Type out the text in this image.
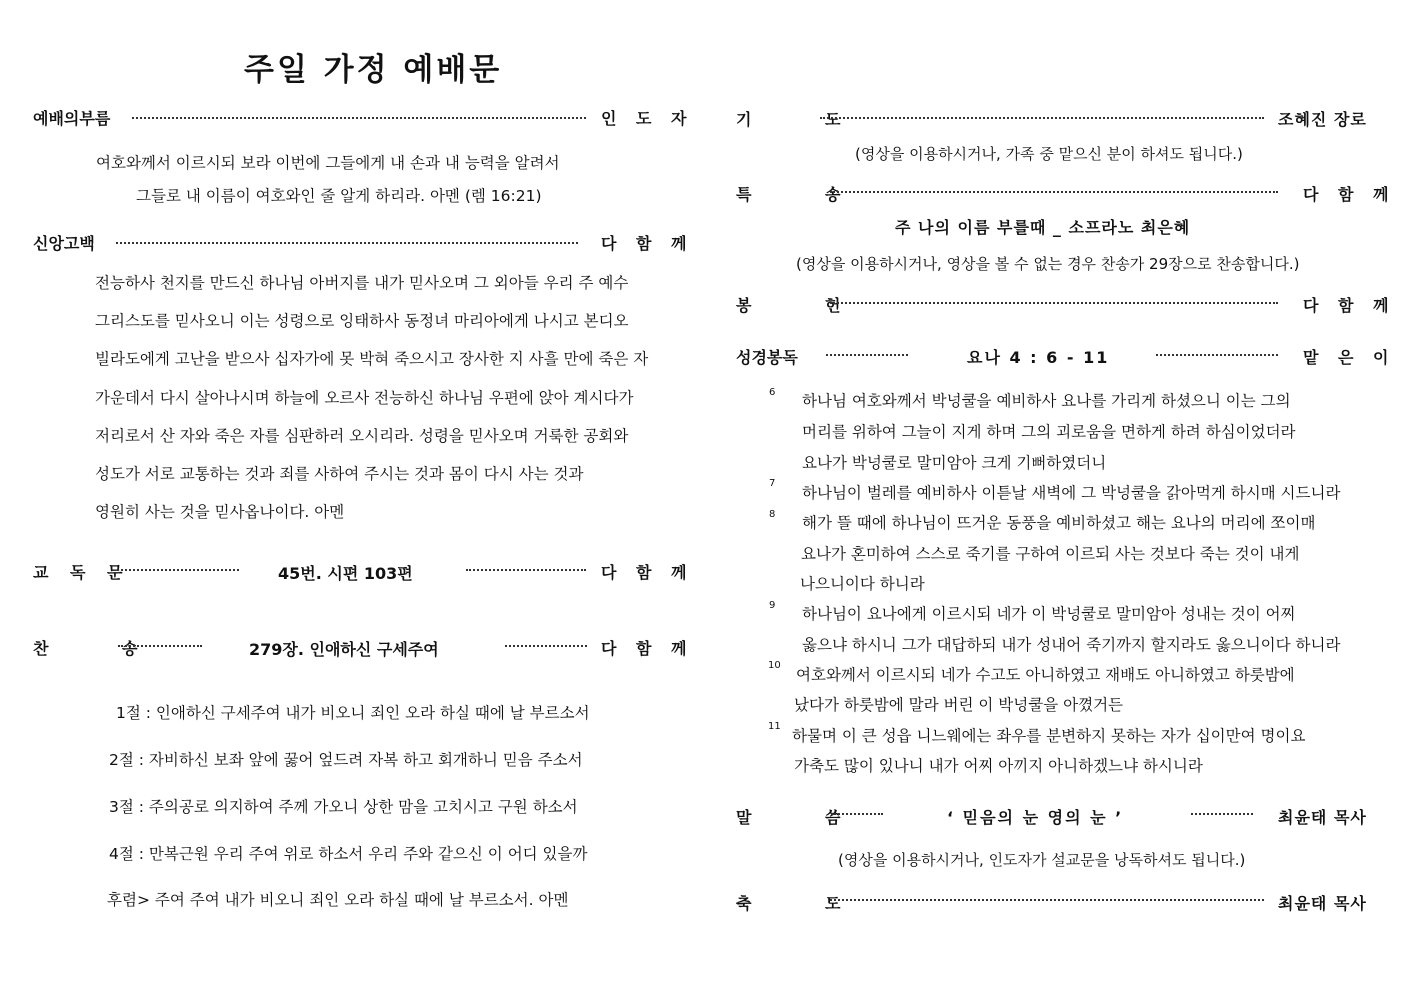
주일 가정 예배문
예배의부름	인 도 자
여호와께서 이르시되 보라 이번에 그들에게 내 손과 내 능력을 알려서
그들로 내 이름이 여호와인 줄 알게 하리라. 아멘 (렘 16:21)
신앙고백	다 함 께
전능하사 천지를 만드신 하나님 아버지를 내가 믿사오며 그 외아들 우리 주 예수
그리스도를 믿사오니 이는 성령으로 잉태하사 동정녀 마리아에게 나시고 본디오
빌라도에게 고난을 받으사 십자가에 못 박혀 죽으시고 장사한 지 사흘 만에 죽은 자
가운데서 다시 살아나시며 하늘에 오르사 전능하신 하나님 우편에 앉아 계시다가
저리로서 산 자와 죽은 자를 심판하러 오시리라. 성령을 믿사오며 거룩한 공회와
성도가 서로 교통하는 것과 죄를 사하여 주시는 것과 몸이 다시 사는 것과
영원히 사는 것을 믿사옵나이다. 아멘
교 독 문	45번. 시편 103편	다 함 께
찬 송	279장. 인애하신 구세주여	다 함 께
1절 : 인애하신 구세주여 내가 비오니 죄인 오라 하실 때에 날 부르소서
2절 : 자비하신 보좌 앞에 꿇어 엎드려 자복 하고 회개하니 믿음 주소서
3절 : 주의공로 의지하여 주께 가오니 상한 맘을 고치시고 구원 하소서
4절 : 만복근원 우리 주여 위로 하소서 우리 주와 같으신 이 어디 있을까
후렴> 주여 주여 내가 비오니 죄인 오라 하실 때에 날 부르소서. 아멘
기 도	조혜진 장로
(영상을 이용하시거나, 가족 중 맡으신 분이 하셔도 됩니다.)
특 송	다 함 께
주 나의 이름 부를때 _ 소프라노 최은혜
(영상을 이용하시거나, 영상을 볼 수 없는 경우 찬송가 29장으로 찬송합니다.)
봉 헌	다 함 께
성경봉독	요나 4 : 6 - 11	맡 은 이
6 하나님 여호와께서 박넝쿨을 예비하사 요나를 가리게 하셨으니 이는 그의
머리를 위하여 그늘이 지게 하며 그의 괴로움을 면하게 하려 하심이었더라
요나가 박넝쿨로 말미암아 크게 기뻐하였더니
7
하나님이 벌레를 예비하사 이튿날 새벽에 그 박넝쿨을 갉아먹게 하시매 시드니라
8 해가 뜰 때에 하나님이 뜨거운 동풍을 예비하셨고 해는 요나의 머리에 쪼이매
요나가 혼미하여 스스로 죽기를 구하여 이르되 사는 것보다 죽는 것이 내게
나으니이다 하니라
9 하나님이 요나에게 이르시되 네가 이 박넝쿨로 말미암아 성내는 것이 어찌
옳으냐 하시니 그가 대답하되 내가 성내어 죽기까지 할지라도 옳으니이다 하니라
10
여호와께서 이르시되 네가 수고도 아니하였고 재배도 아니하였고 하룻밤에
났다가 하룻밤에 말라 버린 이 박넝쿨을 아꼈거든
11
하물며 이 큰 성읍 니느웨에는 좌우를 분변하지 못하는 자가 십이만여 명이요
가축도 많이 있나니 내가 어찌 아끼지 아니하겠느냐 하시니라
말 씀	‘ 믿음의 눈 영의 눈 ’	최윤태 목사
(영상을 이용하시거나, 인도자가 설교문을 낭독하셔도 됩니다.)
축 도	최윤태 목사
